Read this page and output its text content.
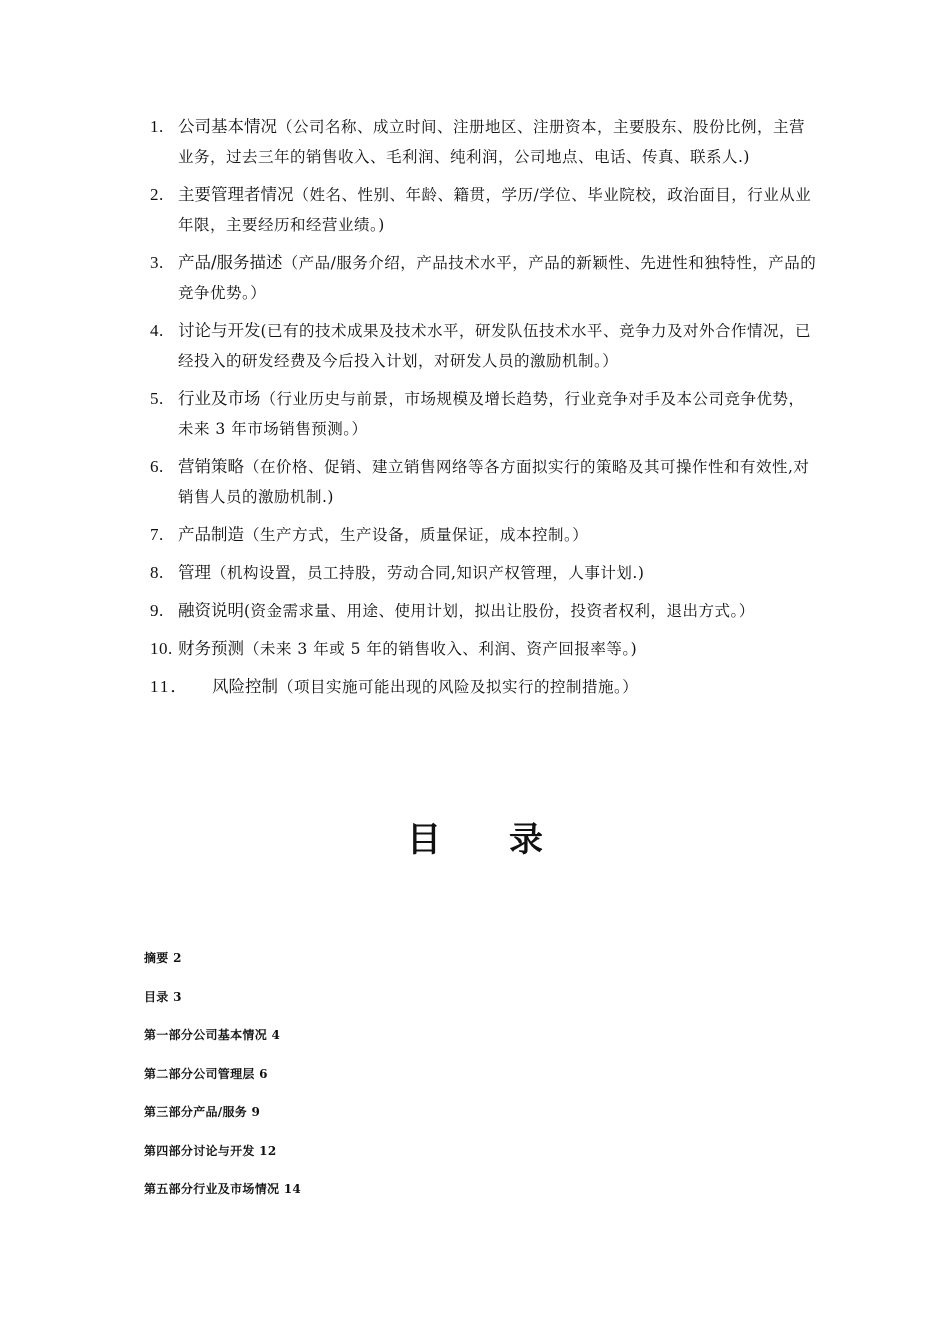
1. 公司基本情况（公司名称、成立时间、注册地区、注册资本，主要股东、股份比例，主营业务，过去三年的销售收入、毛利润、纯利润，公司地点、电话、传真、联系人.)
2. 主要管理者情况（姓名、性别、年龄、籍贯，学历/学位、毕业院校，政治面目，行业从业年限，主要经历和经营业绩。)
3. 产品/服务描述（产品/服务介绍，产品技术水平，产品的新颖性、先进性和独特性，产品的竞争优势。）
4. 讨论与开发(已有的技术成果及技术水平，研发队伍技术水平、竞争力及对外合作情况，已经投入的研发经费及今后投入计划，对研发人员的激励机制。）
5. 行业及市场（行业历史与前景，市场规模及增长趋势，行业竞争对手及本公司竞争优势，未来 3 年市场销售预测。）
6. 营销策略（在价格、促销、建立销售网络等各方面拟实行的策略及其可操作性和有效性,对销售人员的激励机制.)
7. 产品制造（生产方式，生产设备，质量保证，成本控制。）
8. 管理（机构设置，员工持股，劳动合同,知识产权管理，人事计划.)
9. 融资说明(资金需求量、用途、使用计划，拟出让股份，投资者权利，退出方式。）
10. 财务预测（未来 3 年或 5 年的销售收入、利润、资产回报率等。)
11．	风险控制（项目实施可能出现的风险及拟实行的控制措施。）
目 录
摘要 2
目录 3
第一部分公司基本情况 4
第二部分公司管理层 6
第三部分产品/服务 9
第四部分讨论与开发 12
第五部分行业及市场情况 14
